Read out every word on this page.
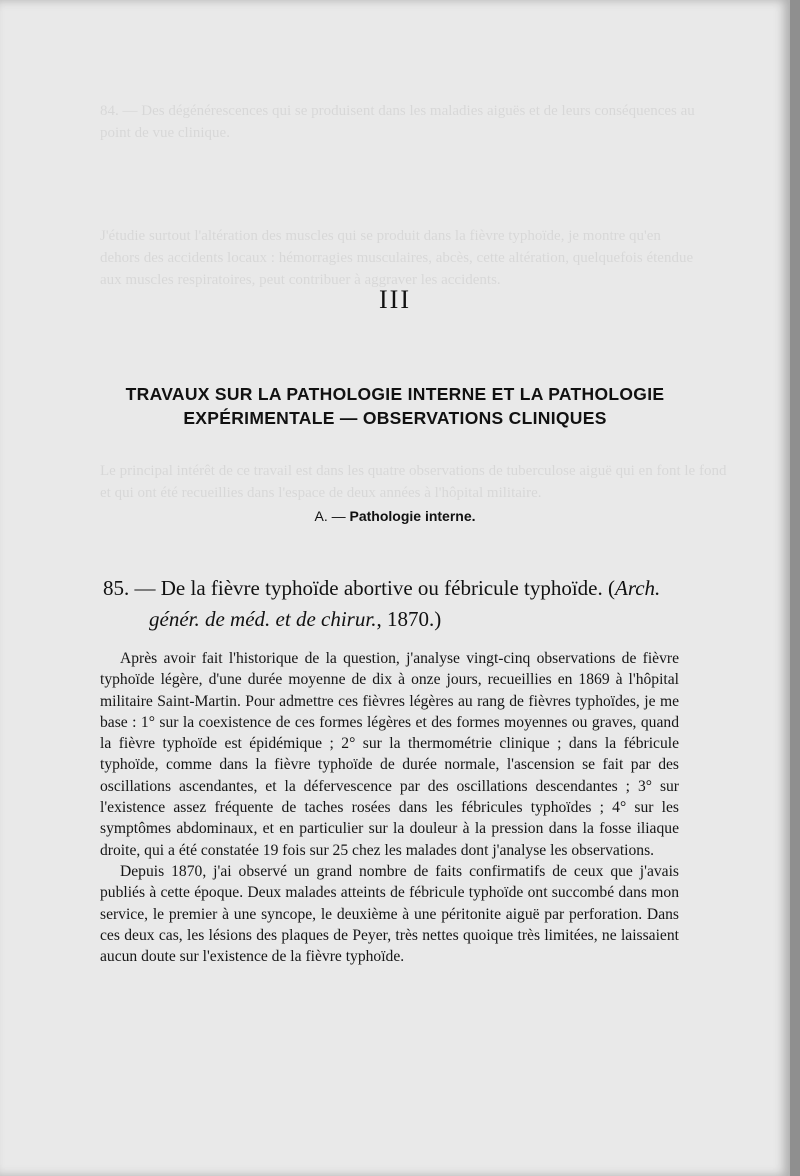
84. — Des dégénérescences qui se produisent dans les maladies aiguës et de leurs conséquences au point de vue clinique.
J'étudie surtout l'altération des muscles qui se produit dans la fièvre typhoïde, je montre qu'en dehors des accidents locaux : hémorragies musculaires, abcès, cette altération, quelquefois étendue aux muscles respiratoires, peut contribuer à aggraver les accidents.
Le principal intérêt de ce travail est dans les quatre observations de tuberculose aiguë qui en font le fond et qui ont été recueillies dans l'espace de deux années à l'hôpital militaire.
III
TRAVAUX SUR LA PATHOLOGIE INTERNE ET LA PATHOLOGIE
EXPÉRIMENTALE — OBSERVATIONS CLINIQUES
A. — Pathologie interne.
85. — De la fièvre typhoïde abortive ou fébricule typhoïde. (Arch.
génér. de méd. et de chirur., 1870.)

Après avoir fait l'historique de la question, j'analyse vingt-cinq observations de fièvre typhoïde légère, d'une durée moyenne de dix à onze jours, recueillies en 1869 à l'hôpital militaire Saint-Martin. Pour admettre ces fièvres légères au rang de fièvres typhoïdes, je me base : 1° sur la coexistence de ces formes légères et des formes moyennes ou graves, quand la fièvre typhoïde est épidémique ; 2° sur la thermométrie clinique ; dans la fébricule typhoïde, comme dans la fièvre typhoïde de durée normale, l'ascension se fait par des oscillations ascendantes, et la défervescence par des oscillations descendantes ; 3° sur l'existence assez fréquente de taches rosées dans les fébricules typhoïdes ; 4° sur les symptômes abdominaux, et en particulier sur la douleur à la pression dans la fosse iliaque droite, qui a été constatée 19 fois sur 25 chez les malades dont j'analyse les observations.

Depuis 1870, j'ai observé un grand nombre de faits confirmatifs de ceux que j'avais publiés à cette époque. Deux malades atteints de fébricule typhoïde ont succombé dans mon service, le premier à une syncope, le deuxième à une péritonite aiguë par perforation. Dans ces deux cas, les lésions des plaques de Peyer, très nettes quoique très limitées, ne laissaient aucun doute sur l'existence de la fièvre typhoïde.
